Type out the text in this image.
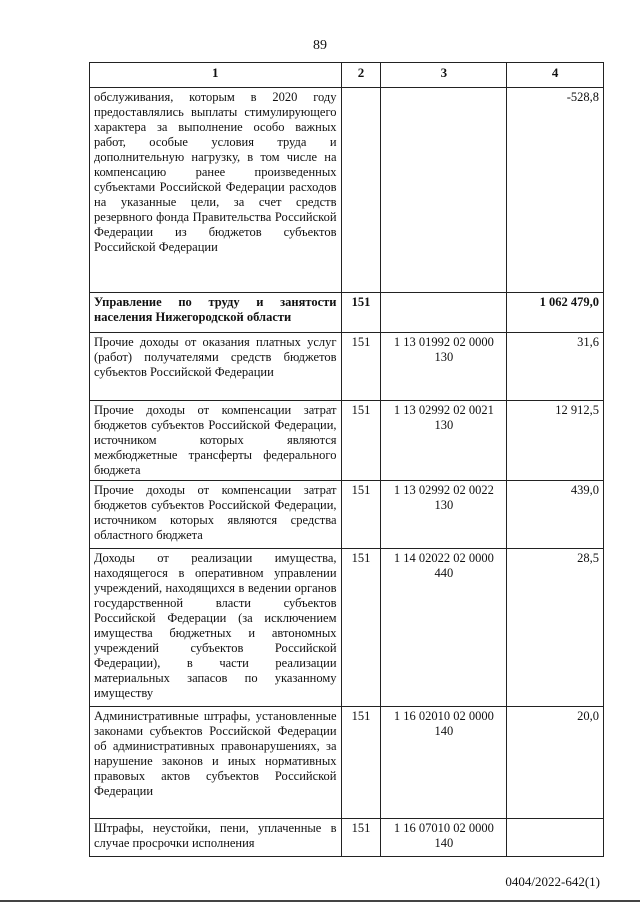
89
1	2	3	4
обслуживания, которым в 2020 году предоставлялись выплаты стимулирующего характера за выполнение особо важных работ, особые условия труда и дополнительную нагрузку, в том числе на компенсацию ранее произведенных субъектами Российской Федерации расходов на указанные цели, за счет средств резервного фонда Правительства Российской Федерации из бюджетов субъектов Российской Федерации			-528,8
Управление по труду и занятости населения Нижегородской области	151		1 062 479,0
Прочие доходы от оказания платных услуг (работ) получателями средств бюджетов субъектов Российской Федерации	151	1 13 01992 02 0000 130	31,6
Прочие доходы от компенсации затрат бюджетов субъектов Российской Федерации, источником которых являются межбюджетные трансферты федерального бюджета	151	1 13 02992 02 0021 130	12 912,5
Прочие доходы от компенсации затрат бюджетов субъектов Российской Федерации, источником которых являются средства областного бюджета	151	1 13 02992 02 0022 130	439,0
Доходы от реализации имущества, находящегося в оперативном управлении учреждений, находящихся в ведении органов государственной власти субъектов Российской Федерации (за исключением имущества бюджетных и автономных учреждений субъектов Российской Федерации), в части реализации материальных запасов по указанному имуществу	151	1 14 02022 02 0000 440	28,5
Административные штрафы, установленные законами субъектов Российской Федерации об административных правонарушениях, за нарушение законов и иных нормативных правовых актов субъектов Российской Федерации	151	1 16 02010 02 0000 140	20,0
Штрафы, неустойки, пени, уплаченные в случае просрочки исполнения	151	1 16 07010 02 0000 140	
0404/2022-642(1)
